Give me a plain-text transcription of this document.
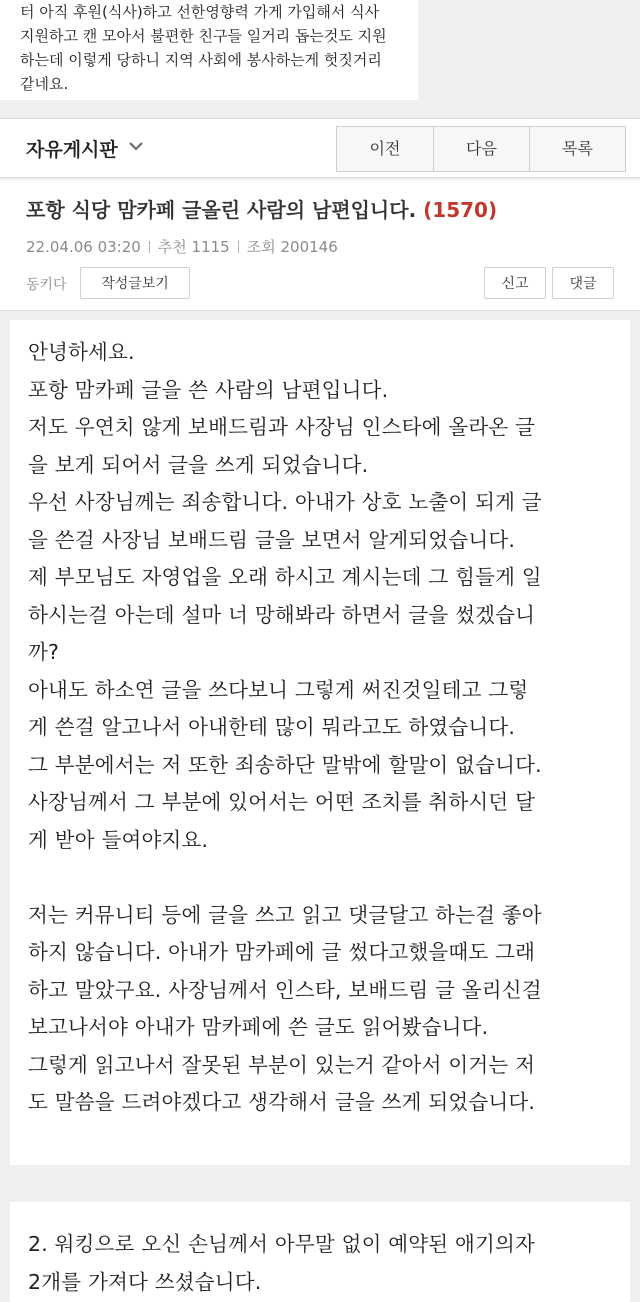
터 아직 후원(식사)하고 선한영향력 가게 가입해서 식사
지원하고 캔 모아서 불편한 친구들 일거리 돕는것도 지원
하는데 이렇게 당하니 지역 사회에 봉사하는게 헛짓거리
같네요.
자유게시판	이전	다음	목록
포항 식당 맘카페 글올린 사람의 남편입니다. (1570)
22.04.06 03:20 추천 1115 조회 200146
동키다	작성글보기	신고	댓글
안녕하세요.
포항 맘카페 글을 쓴 사람의 남편입니다.
저도 우연치 않게 보배드림과 사장님 인스타에 올라온 글
을 보게 되어서 글을 쓰게 되었습니다.
우선 사장님께는 죄송합니다. 아내가 상호 노출이 되게 글
을 쓴걸 사장님 보배드림 글을 보면서 알게되었습니다.
제 부모님도 자영업을 오래 하시고 계시는데 그 힘들게 일
하시는걸 아는데 설마 너 망해봐라 하면서 글을 썼겠습니
까?
아내도 하소연 글을 쓰다보니 그렇게 써진것일테고 그렇
게 쓴걸 알고나서 아내한테 많이 뭐라고도 하였습니다.
그 부분에서는 저 또한 죄송하단 말밖에 할말이 없습니다.
사장님께서 그 부분에 있어서는 어떤 조치를 취하시던 달
게 받아 들여야지요.
저는 커뮤니티 등에 글을 쓰고 읽고 댓글달고 하는걸 좋아
하지 않습니다. 아내가 맘카페에 글 썼다고했을때도 그래
하고 말았구요. 사장님께서 인스타, 보배드림 글 올리신걸
보고나서야 아내가 맘카페에 쓴 글도 읽어봤습니다.
그렇게 읽고나서 잘못된 부분이 있는거 같아서 이거는 저
도 말씀을 드려야겠다고 생각해서 글을 쓰게 되었습니다.
2. 워킹으로 오신 손님께서 아무말 없이 예약된 애기의자
2개를 가져다 쓰셨습니다.
